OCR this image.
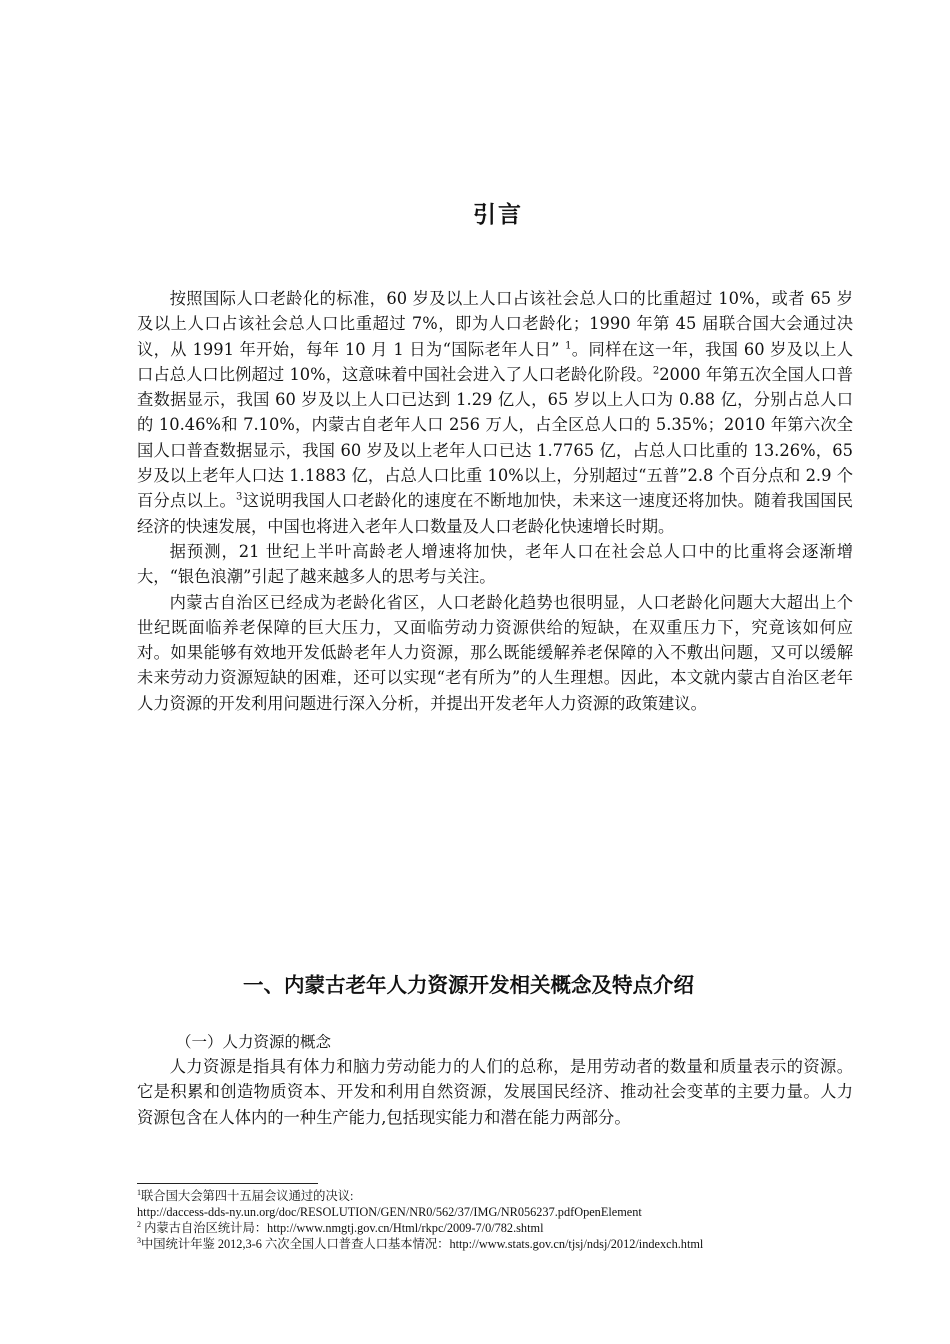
引言

按照国际人口老龄化的标准，60 岁及以上人口占该社会总人口的比重超过 10%，或者 65 岁及以上人口占该社会总人口比重超过 7%，即为人口老龄化；1990 年第 45 届联合国大会通过决议，从 1991 年开始，每年 10 月 1 日为“国际老年人日” $^1$。同样在这一年，我国 60 岁及以上人口占总人口比例超过 10%，这意味着中国社会进入了人口老龄化阶段。$^2$2000 年第五次全国人口普查数据显示，我国 60 岁及以上人口已达到 1.29 亿人，65 岁以上人口为 0.88 亿，分别占总人口的 10.46%和 7.10%，内蒙古自老年人口 256 万人，占全区总人口的 5.35%；2010 年第六次全国人口普查数据显示，我国 60 岁及以上老年人口已达 1.7765 亿，占总人口比重的 13.26%，65 岁及以上老年人口达 1.1883 亿，占总人口比重 10%以上，分别超过“五普”2.8 个百分点和 2.9 个百分点以上。$^3$这说明我国人口老龄化的速度在不断地加快，未来这一速度还将加快。随着我国国民经济的快速发展，中国也将进入老年人口数量及人口老龄化快速增长时期。

据预测，21 世纪上半叶高龄老人增速将加快，老年人口在社会总人口中的比重将会逐渐增大，“银色浪潮”引起了越来越多人的思考与关注。

内蒙古自治区已经成为老龄化省区，人口老龄化趋势也很明显，人口老龄化问题大大超出上个世纪既面临养老保障的巨大压力，又面临劳动力资源供给的短缺，在双重压力下，究竟该如何应对。如果能够有效地开发低龄老年人力资源，那么既能缓解养老保障的入不敷出问题，又可以缓解未来劳动力资源短缺的困难，还可以实现“老有所为”的人生理想。因此，本文就内蒙古自治区老年人力资源的开发利用问题进行深入分析，并提出开发老年人力资源的政策建议。

一、内蒙古老年人力资源开发相关概念及特点介绍
（一）人力资源的概念

人力资源是指具有体力和脑力劳动能力的人们的总称，是用劳动者的数量和质量表示的资源。它是积累和创造物质资本、开发和利用自然资源，发展国民经济、推动社会变革的主要力量。人力资源包含在人体内的一种生产能力,包括现实能力和潜在能力两部分。

$^1$联合国大会第四十五届会议通过的决议:
http://daccess-dds-ny.un.org/doc/RESOLUTION/GEN/NR0/562/37/IMG/NR056237.pdfOpenElement
$^2$ 内蒙古自治区统计局：http://www.nmgtj.gov.cn/Html/rkpc/2009-7/0/782.shtml
$^3$中国统计年鉴 2012,3-6 六次全国人口普查人口基本情况：http://www.stats.gov.cn/tjsj/ndsj/2012/indexch.html
